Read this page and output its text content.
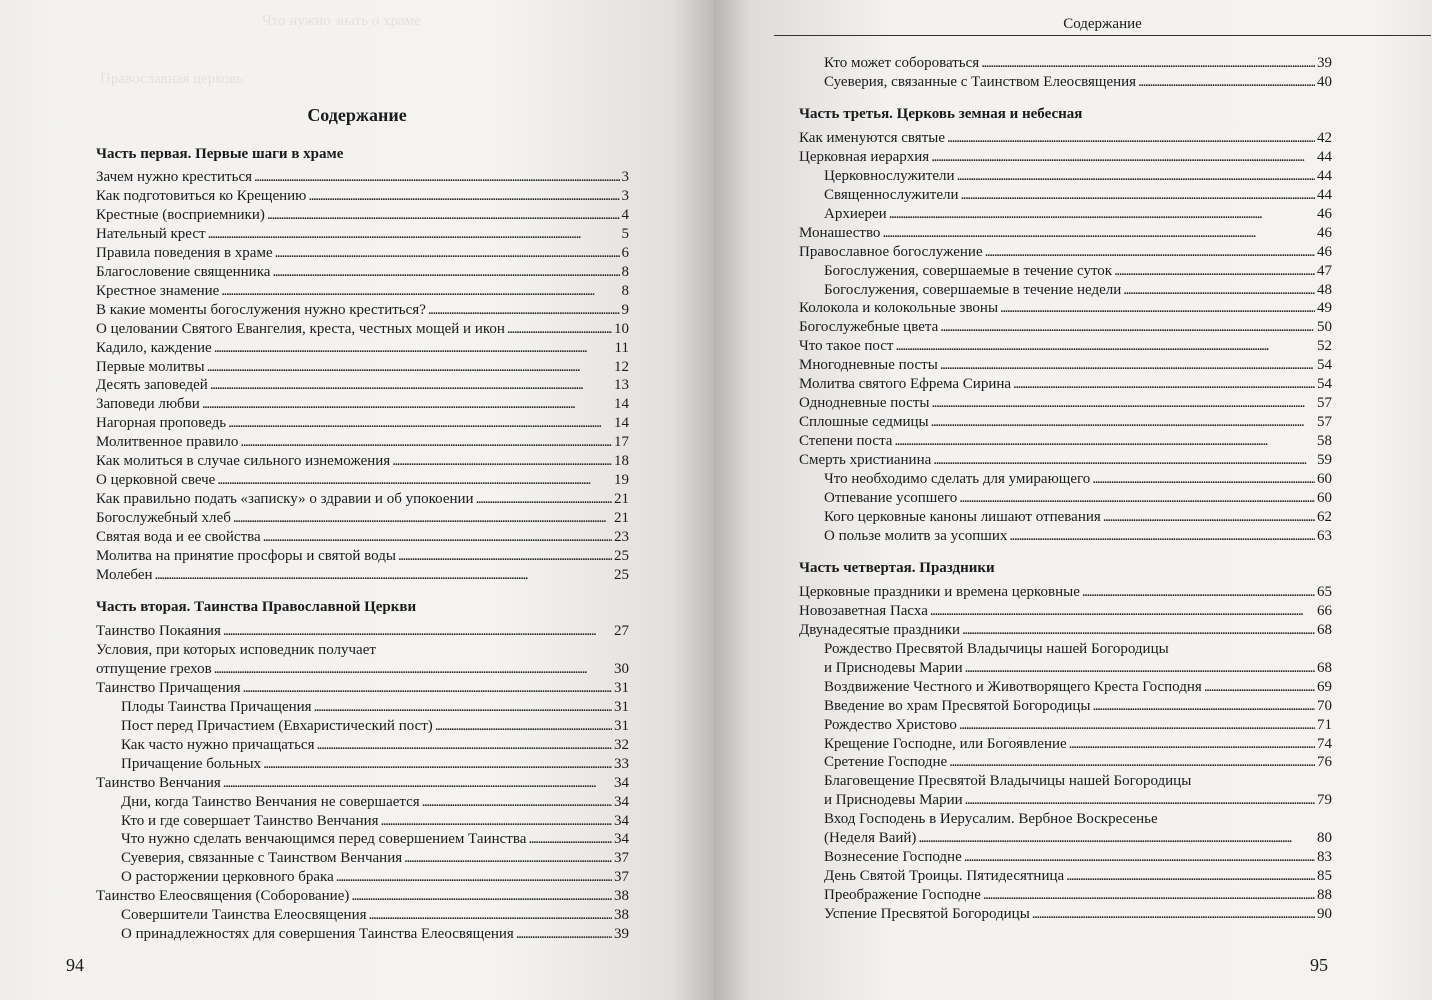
Что нужно знать о храме
Православная церковь
Содержание
Часть первая. Первые шаги в храме
Зачем нужно креститься . . .	3
Как подготовиться ко Крещению . . .	3
Крестные (восприемники) . . .	4
Нательный крест . . .	5
Правила поведения в храме . . .	6
Благословение священника . . .	8
Крестное знамение . . .	8
В какие моменты богослужения нужно креститься? . . .	9
О целовании Святого Евангелия, креста, честных мощей и икон . . .	10
Кадило, каждение . . .	11
Первые молитвы . . .	12
Десять заповедей . . .	13
Заповеди любви . . .	14
Нагорная проповедь . . .	14
Молитвенное правило . . .	17
Как молиться в случае сильного изнеможения . . .	18
О церковной свече . . .	19
Как правильно подать «записку» о здравии и об упокоении . . .	21
Богослужебный хлеб . . .	21
Святая вода и ее свойства . . .	23
Молитва на принятие просфоры и святой воды . . .	25
Молебен . . .	25
Часть вторая. Таинства Православной Церкви
Таинство Покаяния . . .	27
Условия, при которых исповедник получает
отпущение грехов . . .	30
Таинство Причащения . . .	31
Плоды Таинства Причащения . . .	31
Пост перед Причастием (Евхаристический пост) . . .	31
Как часто нужно причащаться . . .	32
Причащение больных . . .	33
Таинство Венчания . . .	34
Дни, когда Таинство Венчания не совершается . . .	34
Кто и где совершает Таинство Венчания . . .	34
Что нужно сделать венчающимся перед совершением Таинства . . .	34
Суеверия, связанные с Таинством Венчания . . .	37
О расторжении церковного брака . . .	37
Таинство Елеосвящения (Соборование) . . .	38
Совершители Таинства Елеосвящения . . .	38
О принадлежностях для совершения Таинства Елеосвящения . . .	39
94
Содержание
Кто может собороваться . . .	39
Суеверия, связанные с Таинством Елеосвящения . . .	40
Часть третья. Церковь земная и небесная
Как именуются святые . . .	42
Церковная иерархия . . .	44
Церковнослужители . . .	44
Священнослужители . . .	44
Архиереи . . .	46
Монашество . . .	46
Православное богослужение . . .	46
Богослужения, совершаемые в течение суток . . .	47
Богослужения, совершаемые в течение недели . . .	48
Колокола и колокольные звоны . . .	49
Богослужебные цвета . . .	50
Что такое пост . . .	52
Многодневные посты . . .	54
Молитва святого Ефрема Сирина . . .	54
Однодневные посты . . .	57
Сплошные седмицы . . .	57
Степени поста . . .	58
Смерть христианина . . .	59
Что необходимо сделать для умирающего . . .	60
Отпевание усопшего . . .	60
Кого церковные каноны лишают отпевания . . .	62
О пользе молитв за усопших . . .	63
Часть четвертая. Праздники
Церковные праздники и времена церковные . . .	65
Новозаветная Пасха . . .	66
Двунадесятые праздники . . .	68
Рождество Пресвятой Владычицы нашей Богородицы
и Приснодевы Марии . . .	68
Воздвижение Честного и Животворящего Креста Господня . . .	69
Введение во храм Пресвятой Богородицы . . .	70
Рождество Христово . . .	71
Крещение Господне, или Богоявление . . .	74
Сретение Господне . . .	76
Благовещение Пресвятой Владычицы нашей Богородицы
и Приснодевы Марии . . .	79
Вход Господень в Иерусалим. Вербное Воскресенье
(Неделя Ваий) . . .	80
Вознесение Господне . . .	83
День Святой Троицы. Пятидесятница . . .	85
Преображение Господне . . .	88
Успение Пресвятой Богородицы . . .	90
95
